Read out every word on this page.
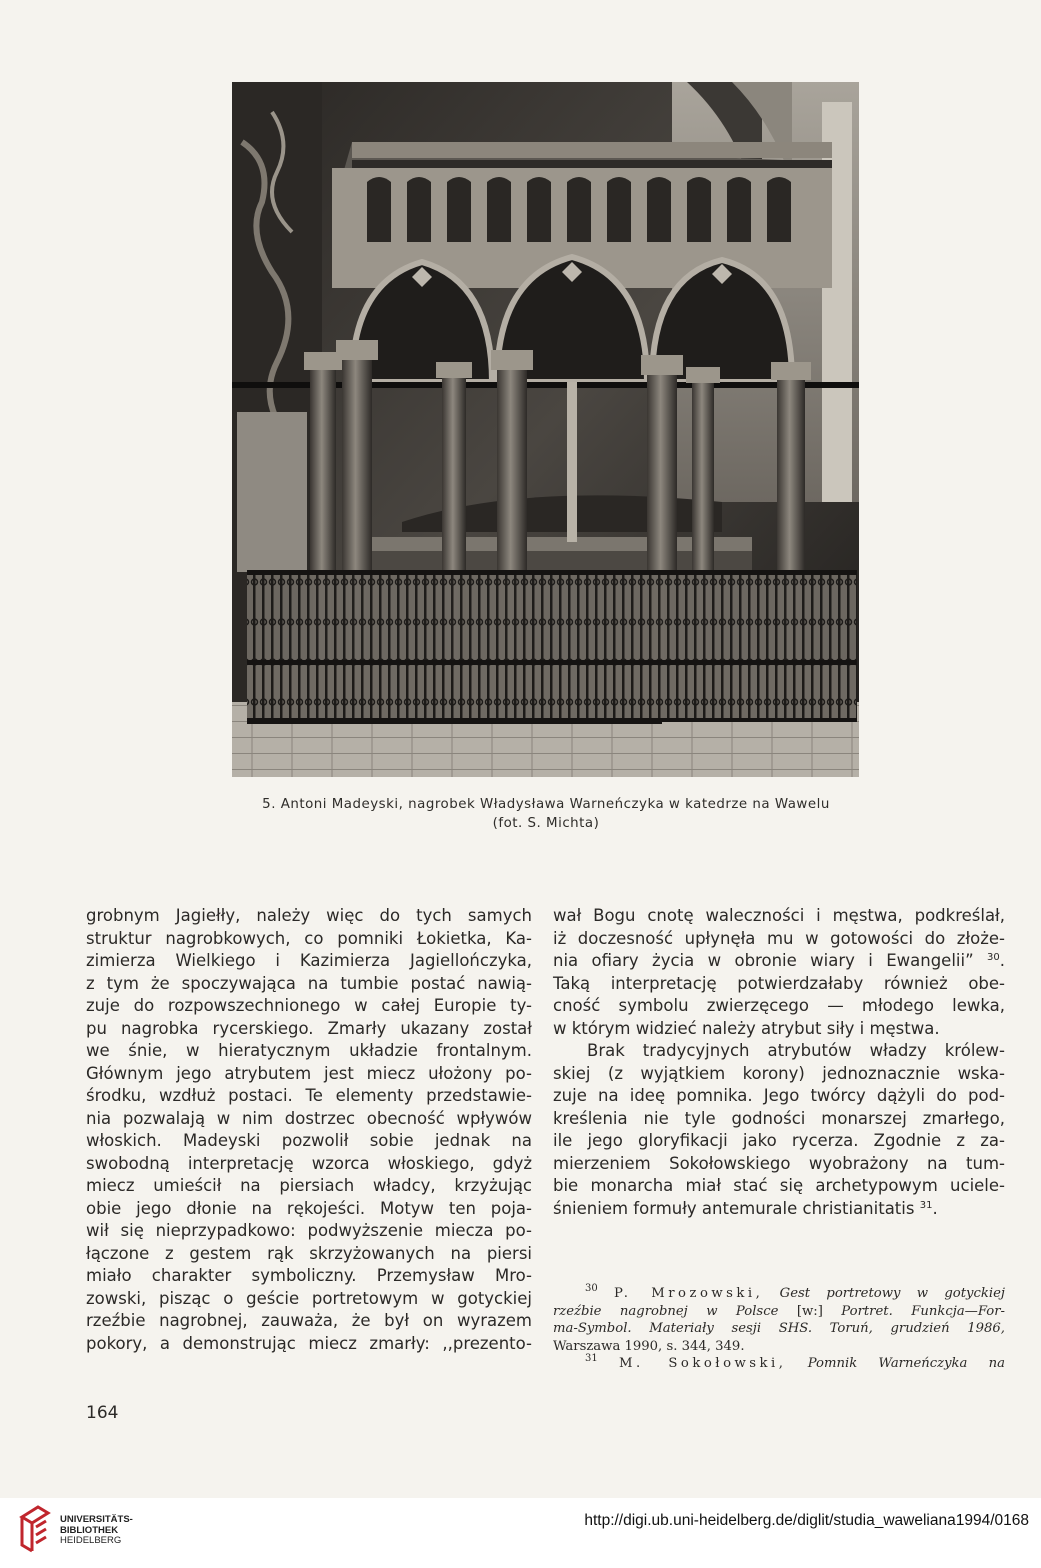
5. Antoni Madeyski, nagrobek Władysława Warneńczyka w katedrze na Wawelu
(fot. S. Michta)
grobnym Jagiełły, należy więc do tych samych
struktur nagrobkowych, co pomniki Łokietka, Ka-
zimierza Wielkiego i Kazimierza Jagiellończyka,
z tym że spoczywająca na tumbie postać nawią-
zuje do rozpowszechnionego w całej Europie ty-
pu nagrobka rycerskiego. Zmarły ukazany został
we śnie, w hieratycznym układzie frontalnym.
Głównym jego atrybutem jest miecz ułożony po-
środku, wzdłuż postaci. Te elementy przedstawie-
nia pozwalają w nim dostrzec obecność wpływów
włoskich. Madeyski pozwolił sobie jednak na
swobodną interpretację wzorca włoskiego, gdyż
miecz umieścił na piersiach władcy, krzyżując
obie jego dłonie na rękojeści. Motyw ten poja-
wił się nieprzypadkowo: podwyższenie miecza po-
łączone z gestem rąk skrzyżowanych na piersi
miało charakter symboliczny. Przemysław Mro-
zowski, pisząc o geście portretowym w gotyckiej
rzeźbie nagrobnej, zauważa, że był on wyrazem
pokory, a demonstrując miecz zmarły: ,,prezento-
wał Bogu cnotę waleczności i męstwa, podkreślał,
iż doczesność upłynęła mu w gotowości do złoże-
nia ofiary życia w obronie wiary i Ewangelii” $^{30}$.
Taką interpretację potwierdzałaby również obe-
cność symbolu zwierzęcego — młodego lewka,
w którym widzieć należy atrybut siły i męstwa.
Brak tradycyjnych atrybutów władzy królew-
skiej (z wyjątkiem korony) jednoznacznie wska-
zuje na ideę pomnika. Jego twórcy dążyli do pod-
kreślenia nie tyle godności monarszej zmarłego,
ile jego gloryfikacji jako rycerza. Zgodnie z za-
mierzeniem Sokołowskiego wyobrażony na tum-
bie monarcha miał stać się archetypowym uciele-
śnieniem formuły antemurale christianitatis $^{31}$.
$^{30}$ P. Mrozowski, Gest portretowy w gotyckiej
rzeźbie nagrobnej w Polsce [w:] Portret. Funkcja—For-
ma-Symbol. Materiały sesji SHS. Toruń, grudzień 1986,
Warszawa 1990, s. 344, 349.
$^{31}$ M. Sokołowski, Pomnik Warneńczyka na
164
UNIVERSITÄTS-
BIBLIOTHEK
HEIDELBERG
http://digi.ub.uni-heidelberg.de/diglit/studia_waweliana1994/0168
